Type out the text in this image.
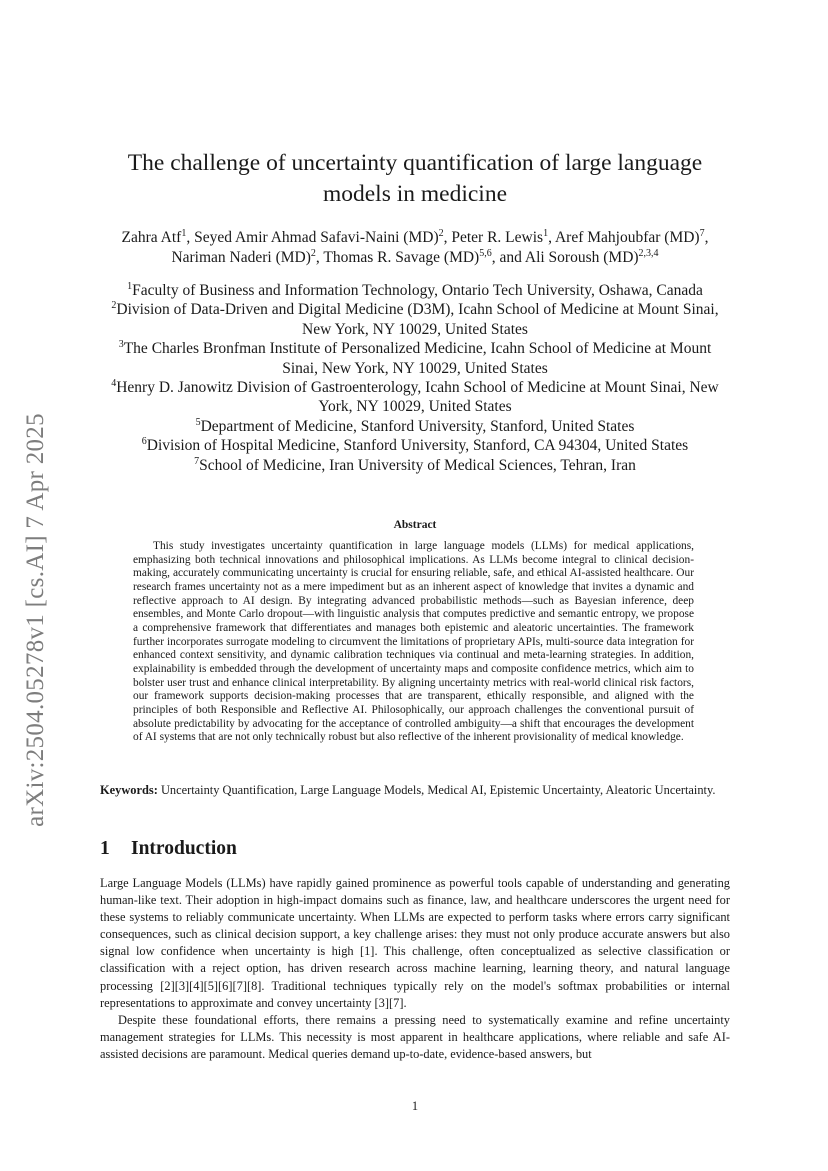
arXiv:2504.05278v1 [cs.AI] 7 Apr 2025
The challenge of uncertainty quantification of large language models in medicine
Zahra Atf$^1$, Seyed Amir Ahmad Safavi-Naini (MD)$^2$, Peter R. Lewis$^1$, Aref Mahjoubfar (MD)$^7$, Nariman Naderi (MD)$^2$, Thomas R. Savage (MD)$^{5,6}$, and Ali Soroush (MD)$^{2,3,4}$
$^1$Faculty of Business and Information Technology, Ontario Tech University, Oshawa, Canada
$^2$Division of Data-Driven and Digital Medicine (D3M), Icahn School of Medicine at Mount Sinai, New York, NY 10029, United States
$^3$The Charles Bronfman Institute of Personalized Medicine, Icahn School of Medicine at Mount Sinai, New York, NY 10029, United States
$^4$Henry D. Janowitz Division of Gastroenterology, Icahn School of Medicine at Mount Sinai, New York, NY 10029, United States
$^5$Department of Medicine, Stanford University, Stanford, United States
$^6$Division of Hospital Medicine, Stanford University, Stanford, CA 94304, United States
$^7$School of Medicine, Iran University of Medical Sciences, Tehran, Iran
Abstract
This study investigates uncertainty quantification in large language models (LLMs) for medical applications, emphasizing both technical innovations and philosophical implications. As LLMs become integral to clinical decision-making, accurately communicating uncertainty is crucial for ensuring reliable, safe, and ethical AI-assisted healthcare. Our research frames uncertainty not as a mere impediment but as an inherent aspect of knowledge that invites a dynamic and reflective approach to AI design. By integrating advanced probabilistic methods—such as Bayesian inference, deep ensembles, and Monte Carlo dropout—with linguistic analysis that computes predictive and semantic entropy, we propose a comprehensive framework that differentiates and manages both epistemic and aleatoric uncertainties. The framework further incorporates surrogate modeling to circumvent the limitations of proprietary APIs, multi-source data integration for enhanced context sensitivity, and dynamic calibration techniques via continual and meta-learning strategies. In addition, explainability is embedded through the development of uncertainty maps and composite confidence metrics, which aim to bolster user trust and enhance clinical interpretability. By aligning uncertainty metrics with real-world clinical risk factors, our framework supports decision-making processes that are transparent, ethically responsible, and aligned with the principles of both Responsible and Reflective AI. Philosophically, our approach challenges the conventional pursuit of absolute predictability by advocating for the acceptance of controlled ambiguity—a shift that encourages the development of AI systems that are not only technically robust but also reflective of the inherent provisionality of medical knowledge.
Keywords: Uncertainty Quantification, Large Language Models, Medical AI, Epistemic Uncertainty, Aleatoric Uncertainty.
1 Introduction

Large Language Models (LLMs) have rapidly gained prominence as powerful tools capable of understanding and generating human-like text. Their adoption in high-impact domains such as finance, law, and healthcare underscores the urgent need for these systems to reliably communicate uncertainty. When LLMs are expected to perform tasks where errors carry significant consequences, such as clinical decision support, a key challenge arises: they must not only produce accurate answers but also signal low confidence when uncertainty is high [1]. This challenge, often conceptualized as selective classification or classification with a reject option, has driven research across machine learning, learning theory, and natural language processing [2][3][4][5][6][7][8]. Traditional techniques typically rely on the model's softmax probabilities or internal representations to approximate and convey uncertainty [3][7].

Despite these foundational efforts, there remains a pressing need to systematically examine and refine uncertainty management strategies for LLMs. This necessity is most apparent in healthcare applications, where reliable and safe AI-assisted decisions are paramount. Medical queries demand up-to-date, evidence-based answers, but

1
